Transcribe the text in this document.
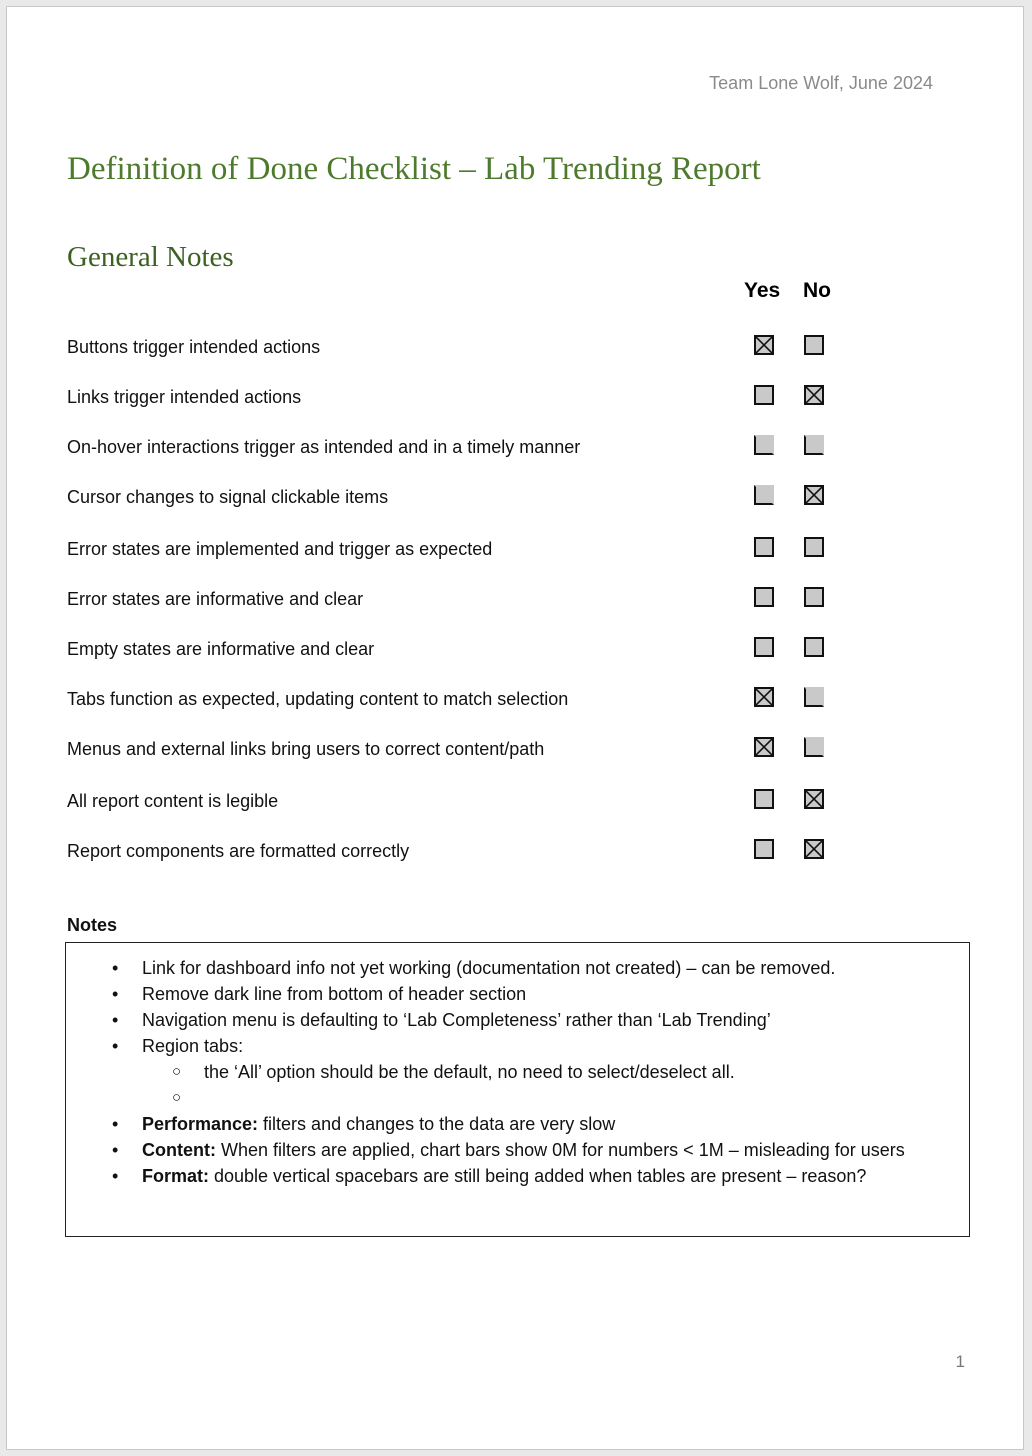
Team Lone Wolf, June 2024
Definition of Done Checklist – Lab Trending Report
General Notes
Yes No
Buttons trigger intended actions
Links trigger intended actions
On-hover interactions trigger as intended and in a timely manner
Cursor changes to signal clickable items
Error states are implemented and trigger as expected
Error states are informative and clear
Empty states are informative and clear
Tabs function as expected, updating content to match selection
Menus and external links bring users to correct content/path
All report content is legible
Report components are formatted correctly
Notes
• Link for dashboard info not yet working (documentation not created) – can be removed.
• Remove dark line from bottom of header section
• Navigation menu is defaulting to ‘Lab Completeness’ rather than ‘Lab Trending’
• Region tabs:
○ the ‘All’ option should be the default, no need to select/deselect all.
○

• Performance: filters and changes to the data are very slow
• Content: When filters are applied, chart bars show 0M for numbers < 1M – misleading for users
• Format: double vertical spacebars are still being added when tables are present – reason?
1
